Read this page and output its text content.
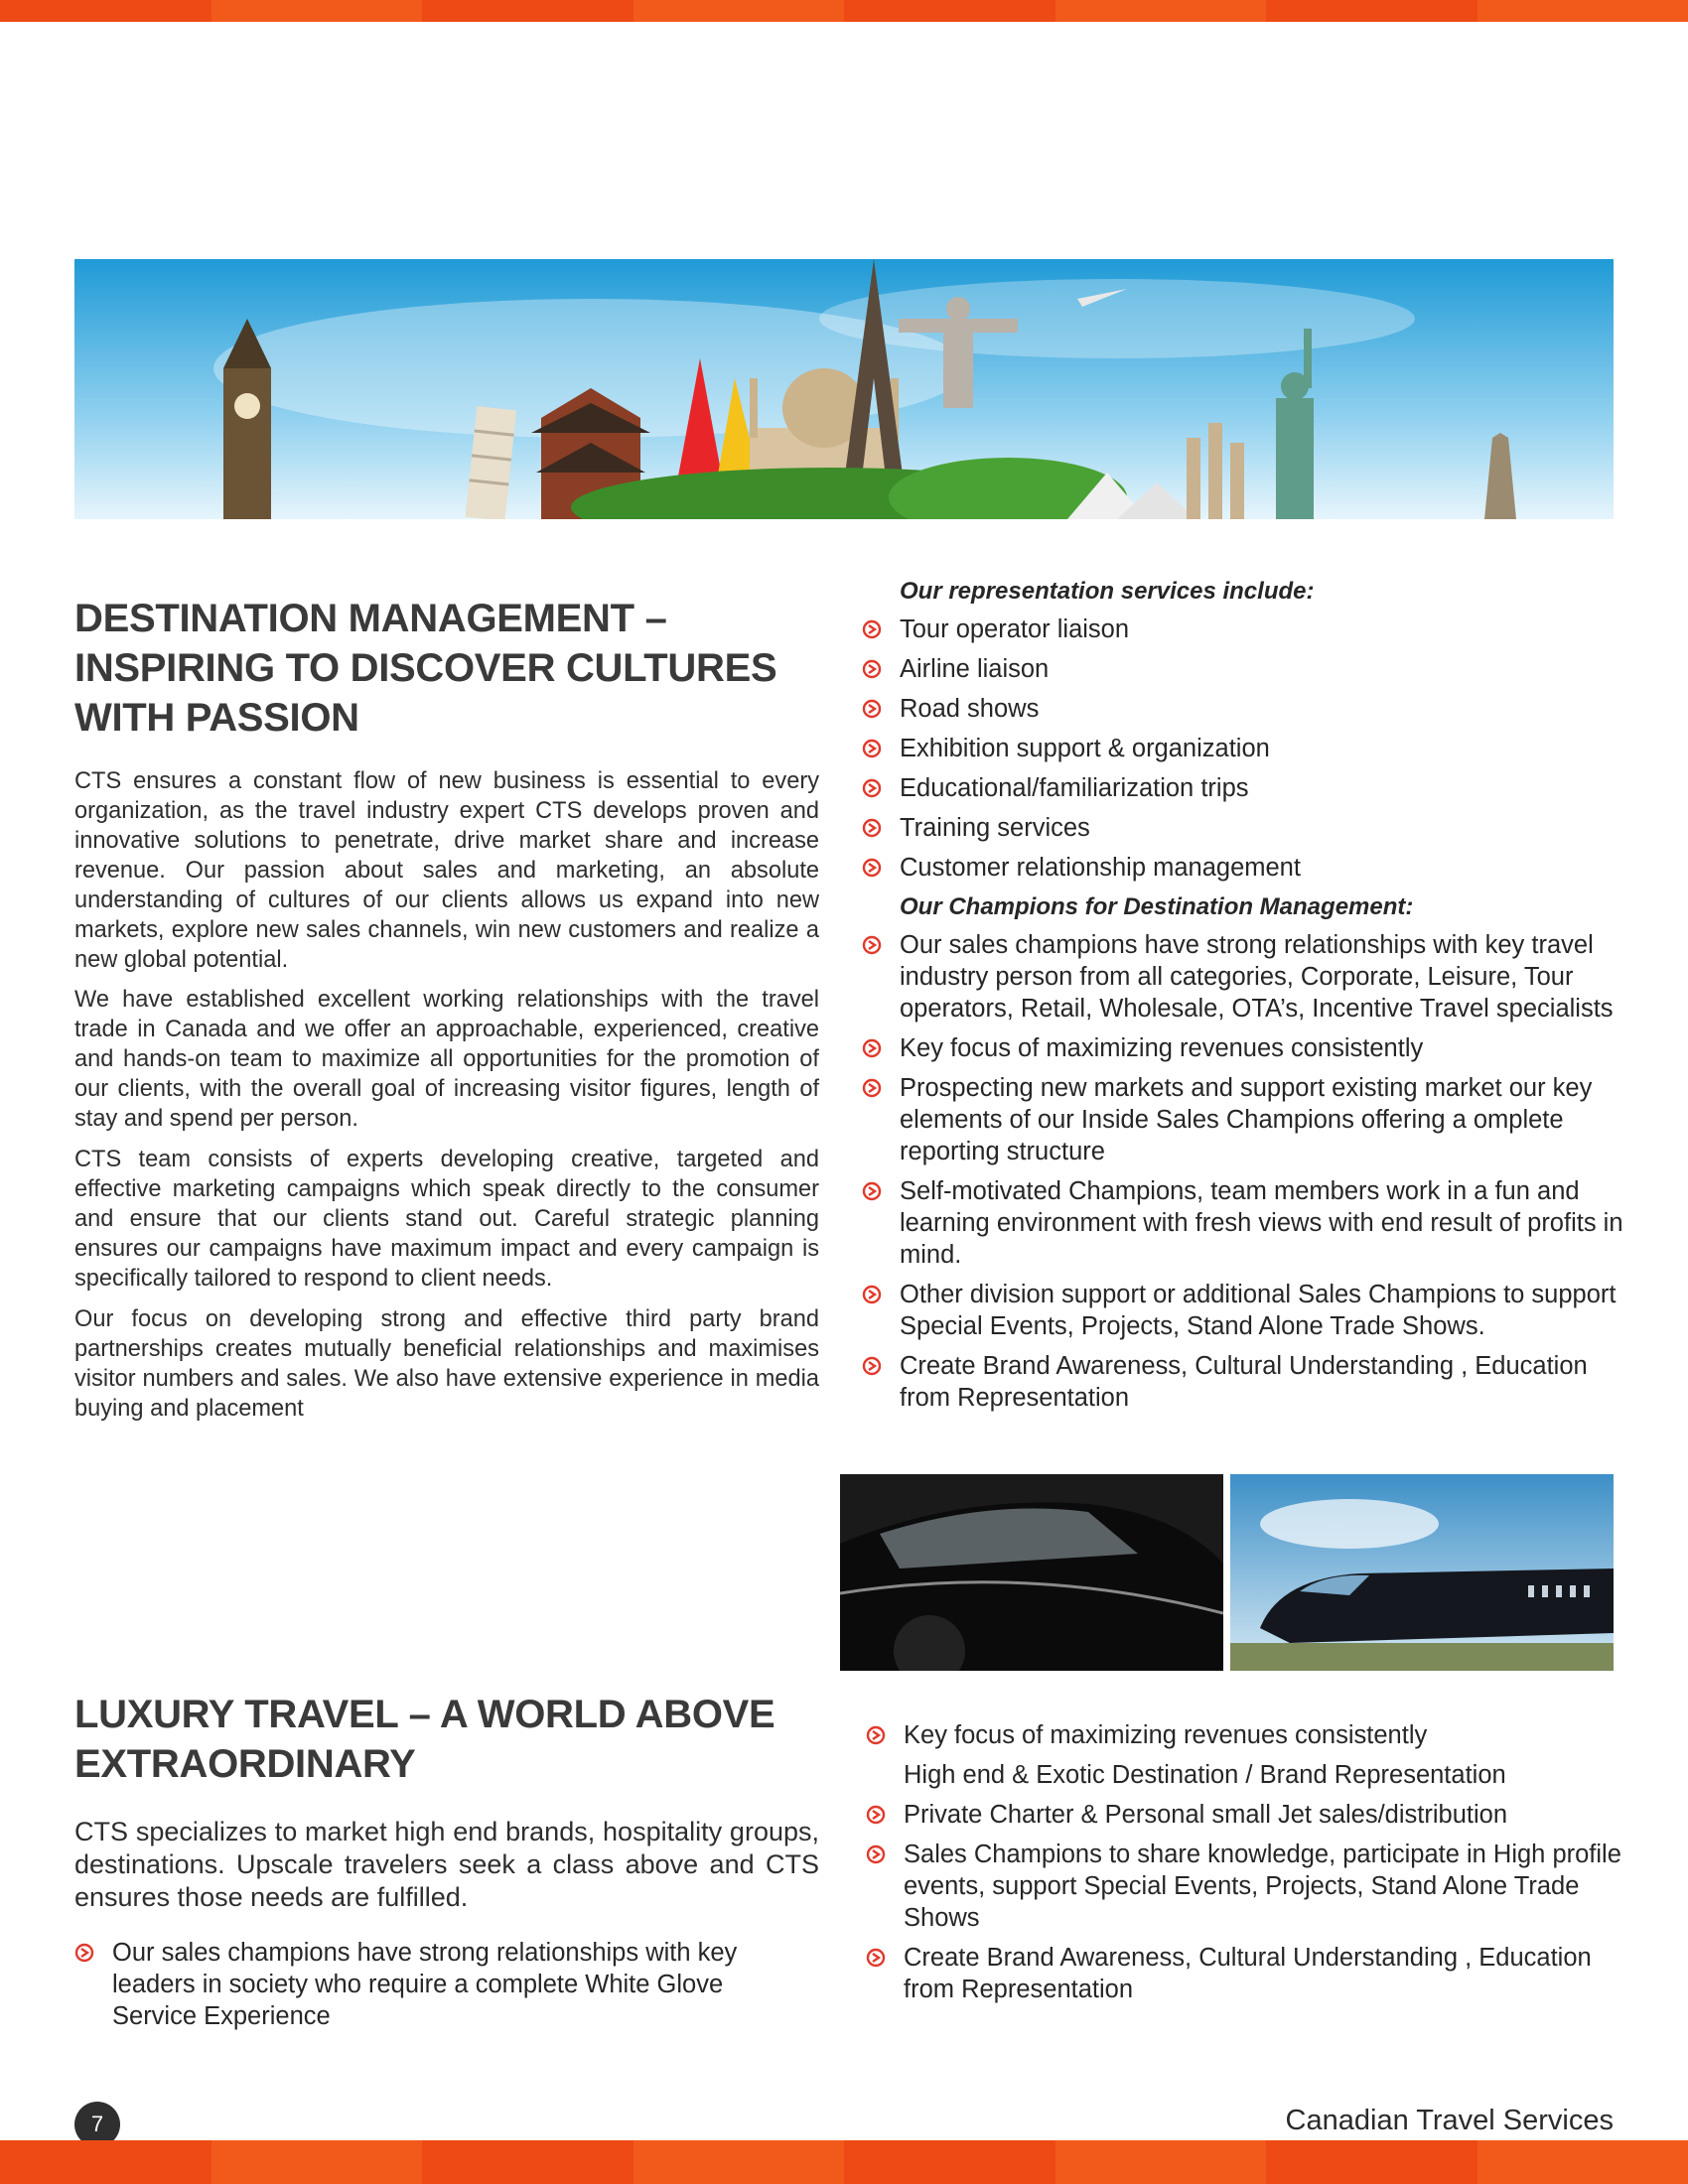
DESTINATION MANAGEMENT –
INSPIRING TO DISCOVER CULTURES
WITH PASSION

CTS ensures a constant flow of new business is essential to every organization, as the travel industry expert CTS develops proven and innovative solutions to penetrate, drive market share and increase revenue. Our passion about sales and marketing, an absolute understanding of cultures of our clients allows us expand into new markets, explore new sales channels, win new customers and realize a new global potential.

We have established excellent working relationships with the travel trade in Canada and we offer an approachable, experienced, creative and hands-on team to maximize all opportunities for the promotion of our clients, with the overall goal of increasing visitor figures, length of stay and spend per person.

CTS team consists of experts developing creative, targeted and effective marketing campaigns which speak directly to the consumer and ensure that our clients stand out. Careful strategic planning ensures our campaigns have maximum impact and every campaign is specifically tailored to respond to client needs.

Our focus on developing strong and effective third party brand partnerships creates mutually beneficial relationships and maximises visitor numbers and sales. We also have extensive experience in media buying and placement

Our representation services include:
Tour operator liaison
Airline liaison
Road shows
Exhibition support & organization
Educational/familiarization trips
Training services
Customer relationship management
Our Champions for Destination Management:
Our sales champions have strong relationships with key travel industry person from all categories, Corporate, Leisure, Tour operators, Retail, Wholesale, OTA’s, Incentive Travel specialists
Key focus of maximizing revenues consistently
Prospecting new markets and support existing market our key elements of our Inside Sales Champions offering a omplete reporting structure
Self-motivated Champions, team members work in a fun and learning environment with fresh views with end result of profits in mind.
Other division support or additional Sales Champions to support Special Events, Projects, Stand Alone Trade Shows.
Create Brand Awareness, Cultural Understanding , Education from Representation
LUXURY TRAVEL – A WORLD ABOVE
EXTRAORDINARY

CTS specializes to market high end brands, hospitality groups, destinations. Upscale travelers seek a class above and CTS ensures those needs are fulfilled.

Our sales champions have strong relationships with key leaders in society who require a complete White Glove Service Experience
Key focus of maximizing revenues consistently
High end & Exotic Destination / Brand Representation
Private Charter & Personal small Jet sales/distribution
Sales Champions to share knowledge, participate in High profile events, support Special Events, Projects, Stand Alone Trade Shows
Create Brand Awareness, Cultural Understanding , Education from Representation
7	Canadian Travel Services
